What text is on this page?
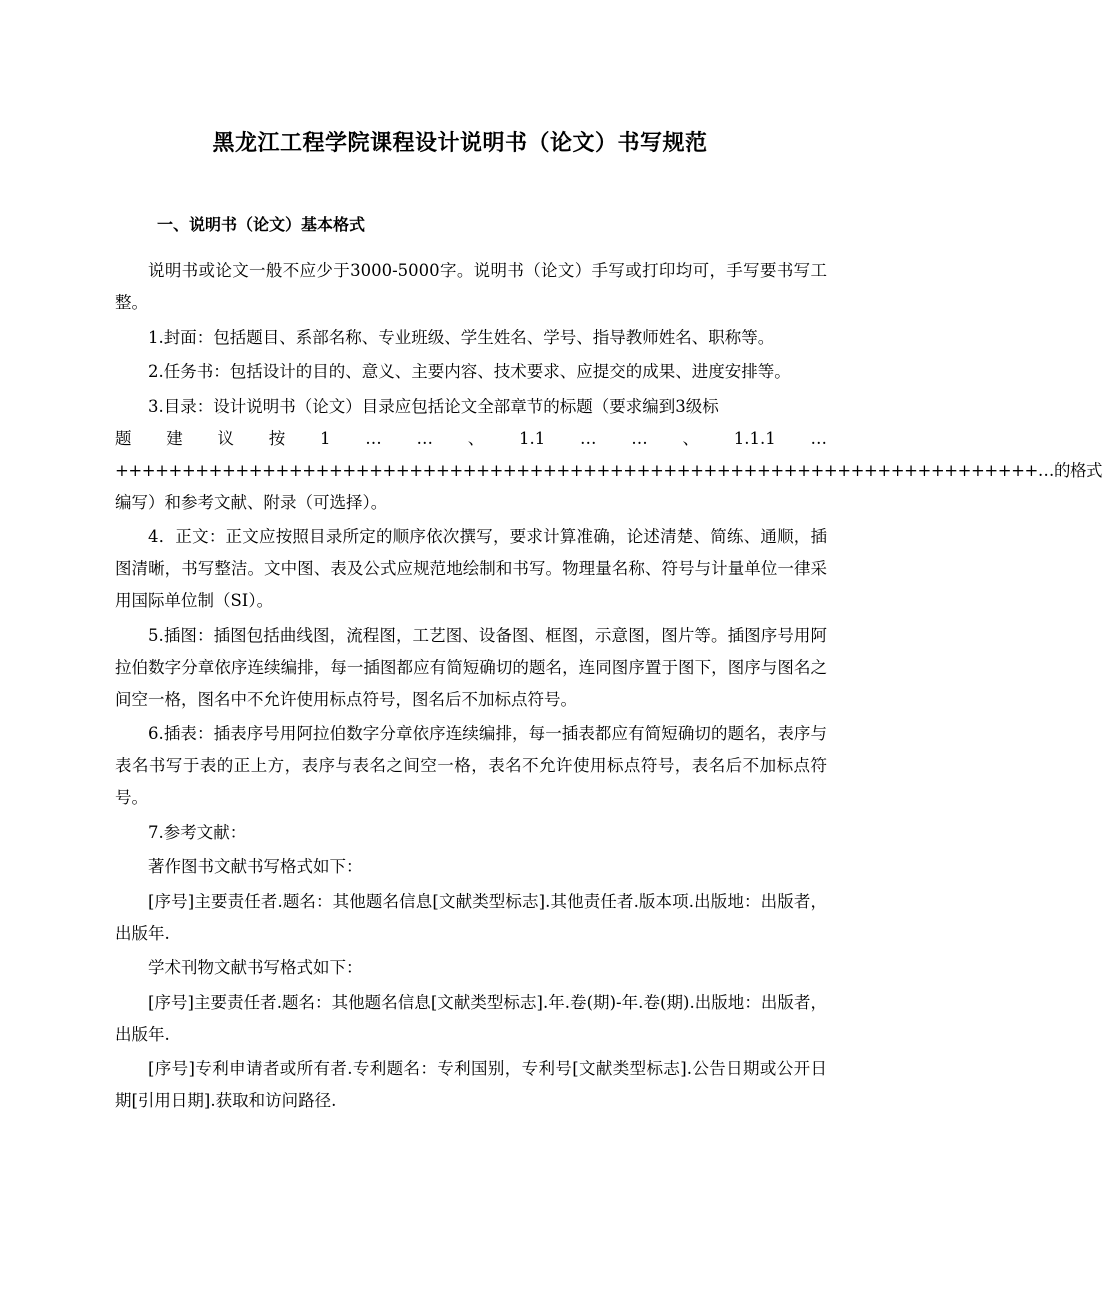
黑龙江工程学院课程设计说明书（论文）书写规范
一、说明书（论文）基本格式
说明书或论文一般不应少于3000-5000字。说明书（论文）手写或打印均可，手写要书写工整。
1.封面：包括题目、系部名称、专业班级、学生姓名、学号、指导教师姓名、职称等。
2.任务书：包括设计的目的、意义、主要内容、技术要求、应提交的成果、进度安排等。
3.目录：设计说明书（论文）目录应包括论文全部章节的标题（要求编到3级标
题 建 议 按 1 … … 、 1.1 … … 、 1.1.1 …
+++++++++++++++++++++++++++++++++++++++++++++++++++++++++++++++++++++…的格式
编写）和参考文献、附录（可选择）。
4．正文：正文应按照目录所定的顺序依次撰写，要求计算准确，论述清楚、简练、通顺，插图清晰，书写整洁。文中图、表及公式应规范地绘制和书写。物理量名称、符号与计量单位一律采用国际单位制（SI）。
5.插图：插图包括曲线图，流程图，工艺图、设备图、框图，示意图，图片等。插图序号用阿拉伯数字分章依序连续编排，每一插图都应有简短确切的题名，连同图序置于图下，图序与图名之间空一格，图名中不允许使用标点符号，图名后不加标点符号。
6.插表：插表序号用阿拉伯数字分章依序连续编排，每一插表都应有简短确切的题名，表序与表名书写于表的正上方，表序与表名之间空一格，表名不允许使用标点符号，表名后不加标点符号。
7.参考文献：
著作图书文献书写格式如下：
[序号]主要责任者.题名：其他题名信息[文献类型标志].其他责任者.版本项.出版地：出版者，出版年.
学术刊物文献书写格式如下：
[序号]主要责任者.题名：其他题名信息[文献类型标志].年.卷(期)-年.卷(期).出版地：出版者，出版年.
[序号]专利申请者或所有者.专利题名：专利国别，专利号[文献类型标志].公告日期或公开日期[引用日期].获取和访问路径.
